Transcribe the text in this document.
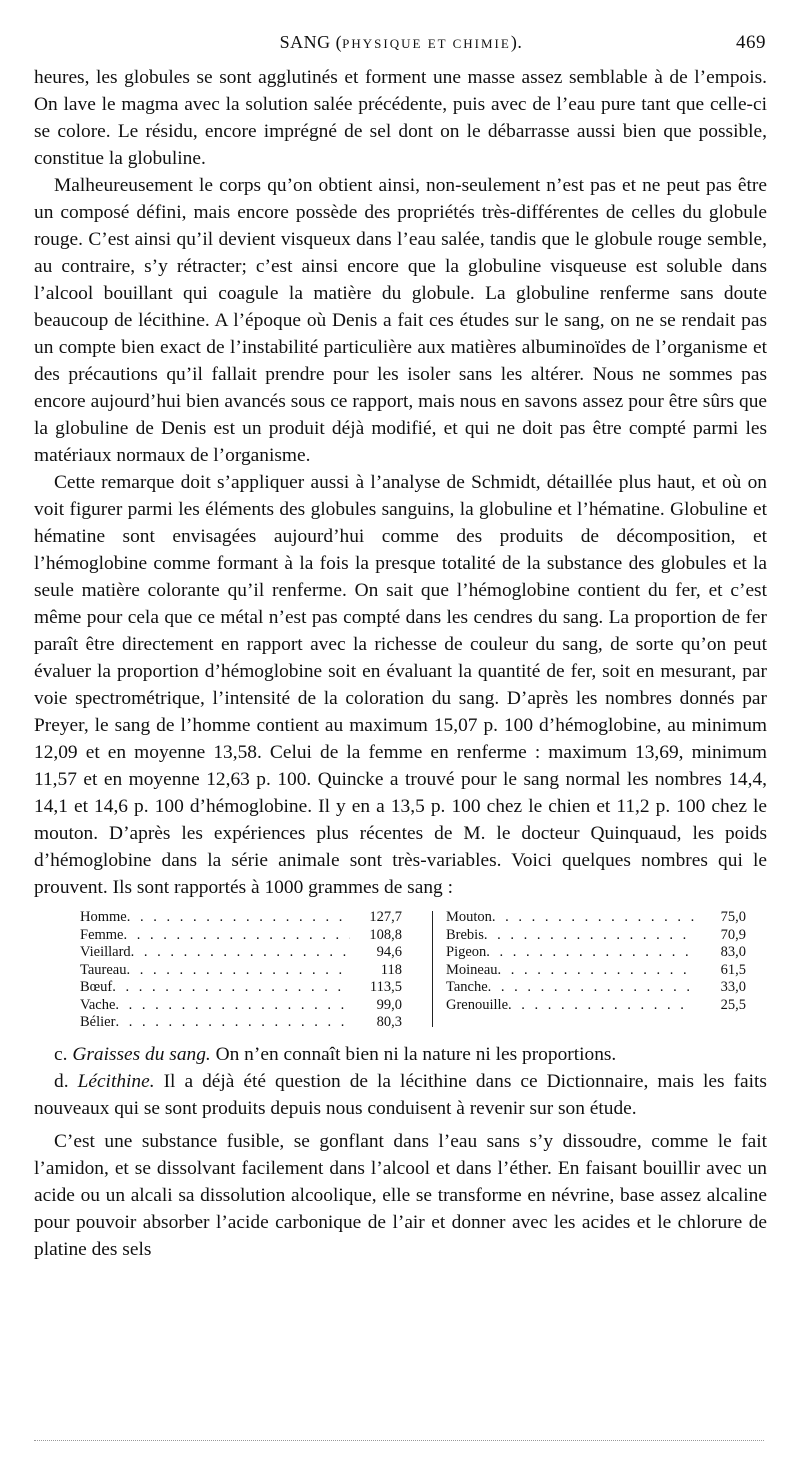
SANG (PHYSIQUE ET CHIMIE).	469

heures, les globules se sont agglutinés et forment une masse assez semblable à de l’empois. On lave le magma avec la solution salée précédente, puis avec de l’eau pure tant que celle-ci se colore. Le résidu, encore imprégné de sel dont on le débarrasse aussi bien que possible, constitue la globuline.

Malheureusement le corps qu’on obtient ainsi, non-seulement n’est pas et ne peut pas être un composé défini, mais encore possède des propriétés très-différentes de celles du globule rouge. C’est ainsi qu’il devient visqueux dans l’eau salée, tandis que le globule rouge semble, au contraire, s’y rétracter; c’est ainsi encore que la globuline visqueuse est soluble dans l’alcool bouillant qui coagule la matière du globule. La globuline renferme sans doute beaucoup de lécithine. A l’époque où Denis a fait ces études sur le sang, on ne se rendait pas un compte bien exact de l’instabilité particulière aux matières albuminoïdes de l’organisme et des précautions qu’il fallait prendre pour les isoler sans les altérer. Nous ne sommes pas encore aujourd’hui bien avancés sous ce rapport, mais nous en savons assez pour être sûrs que la globuline de Denis est un produit déjà modifié, et qui ne doit pas être compté parmi les matériaux normaux de l’organisme.

Cette remarque doit s’appliquer aussi à l’analyse de Schmidt, détaillée plus haut, et où on voit figurer parmi les éléments des globules sanguins, la globuline et l’hématine. Globuline et hématine sont envisagées aujourd’hui comme des produits de décomposition, et l’hémoglobine comme formant à la fois la presque totalité de la substance des globules et la seule matière colorante qu’il renferme. On sait que l’hémoglobine contient du fer, et c’est même pour cela que ce métal n’est pas compté dans les cendres du sang. La proportion de fer paraît être directement en rapport avec la richesse de couleur du sang, de sorte qu’on peut évaluer la proportion d’hémoglobine soit en évaluant la quantité de fer, soit en mesurant, par voie spectrométrique, l’intensité de la coloration du sang. D’après les nombres donnés par Preyer, le sang de l’homme contient au maximum 15,07 p. 100 d’hémoglobine, au minimum 12,09 et en moyenne 13,58. Celui de la femme en renferme : maximum 13,69, minimum 11,57 et en moyenne 12,63 p. 100. Quincke a trouvé pour le sang normal les nombres 14,4, 14,1 et 14,6 p. 100 d’hémoglobine. Il y en a 13,5 p. 100 chez le chien et 11,2 p. 100 chez le mouton. D’après les expériences plus récentes de M. le docteur Quinquaud, les poids d’hémoglobine dans la série animale sont très-variables. Voici quelques nombres qui le prouvent. Ils sont rapportés à 1000 grammes de sang :

Homme . . .	127,7
Femme . . .	108,8
Vieillard . . .	94,6
Taureau . . .	118
Bœuf . . .	113,5
Vache . . .	99,0
Bélier . . .	80,3
Mouton . . .	75,0
Brebis . . .	70,9
Pigeon . . .	83,0
Moineau . . .	61,5
Tanche . . .	33,0
Grenouille . . .	25,5

c. Graisses du sang. On n’en connaît bien ni la nature ni les proportions.

d. Lécithine. Il a déjà été question de la lécithine dans ce Dictionnaire, mais les faits nouveaux qui se sont produits depuis nous conduisent à revenir sur son étude.

C’est une substance fusible, se gonflant dans l’eau sans s’y dissoudre, comme le fait l’amidon, et se dissolvant facilement dans l’alcool et dans l’éther. En faisant bouillir avec un acide ou un alcali sa dissolution alcoolique, elle se transforme en névrine, base assez alcaline pour pouvoir absorber l’acide carbonique de l’air et donner avec les acides et le chlorure de platine des sels
